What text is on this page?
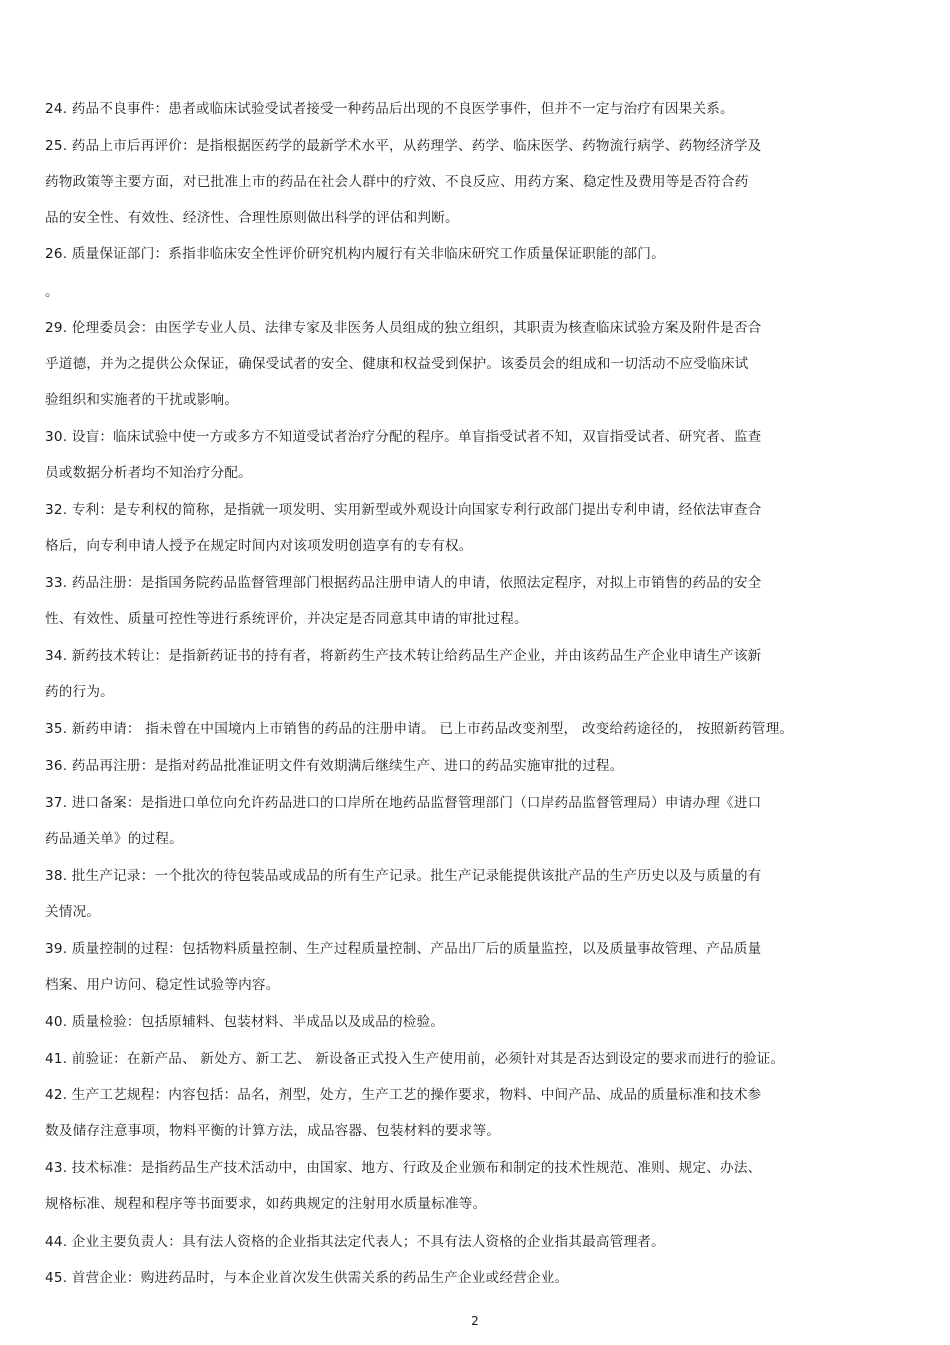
24. 药品不良事件：患者或临床试验受试者接受一种药品后出现的不良医学事件，但并不一定与治疗有因果关系。
25. 药品上市后再评价：是指根据医药学的最新学术水平，从药理学、药学、临床医学、药物流行病学、药物经济学及
药物政策等主要方面，对已批准上市的药品在社会人群中的疗效、不良反应、用药方案、稳定性及费用等是否符合药
品的安全性、有效性、经济性、合理性原则做出科学的评估和判断。
26. 质量保证部门：系指非临床安全性评价研究机构内履行有关非临床研究工作质量保证职能的部门。
。
29. 伦理委员会：由医学专业人员、法律专家及非医务人员组成的独立组织，其职责为核查临床试验方案及附件是否合
乎道德，并为之提供公众保证，确保受试者的安全、健康和权益受到保护。该委员会的组成和一切活动不应受临床试
验组织和实施者的干扰或影响。
30. 设盲：临床试验中使一方或多方不知道受试者治疗分配的程序。单盲指受试者不知，双盲指受试者、研究者、监查
员或数据分析者均不知治疗分配。
32. 专利：是专利权的简称，是指就一项发明、实用新型或外观设计向国家专利行政部门提出专利申请，经依法审查合
格后，向专利申请人授予在规定时间内对该项发明创造享有的专有权。
33. 药品注册：是指国务院药品监督管理部门根据药品注册申请人的申请，依照法定程序，对拟上市销售的药品的安全
性、有效性、质量可控性等进行系统评价，并决定是否同意其申请的审批过程。
34. 新药技术转让：是指新药证书的持有者，将新药生产技术转让给药品生产企业，并由该药品生产企业申请生产该新
药的行为。
35. 新药申请： 指未曾在中国境内上市销售的药品的注册申请。 已上市药品改变剂型， 改变给药途径的， 按照新药管理。
36. 药品再注册：是指对药品批准证明文件有效期满后继续生产、进口的药品实施审批的过程。
37. 进口备案：是指进口单位向允许药品进口的口岸所在地药品监督管理部门（口岸药品监督管理局）申请办理《进口
药品通关单》的过程。
38. 批生产记录：一个批次的待包装品或成品的所有生产记录。批生产记录能提供该批产品的生产历史以及与质量的有
关情况。
39. 质量控制的过程：包括物料质量控制、生产过程质量控制、产品出厂后的质量监控，以及质量事故管理、产品质量
档案、用户访问、稳定性试验等内容。
40. 质量检验：包括原辅料、包装材料、半成品以及成品的检验。
41. 前验证：在新产品、 新处方、新工艺、 新设备正式投入生产使用前，必须针对其是否达到设定的要求而进行的验证。
42. 生产工艺规程：内容包括：品名，剂型，处方，生产工艺的操作要求，物料、中间产品、成品的质量标准和技术参
数及储存注意事项，物料平衡的计算方法，成品容器、包装材料的要求等。
43. 技术标准：是指药品生产技术活动中，由国家、地方、行政及企业颁布和制定的技术性规范、准则、规定、办法、
规格标准、规程和程序等书面要求，如药典规定的注射用水质量标准等。
44. 企业主要负责人：具有法人资格的企业指其法定代表人；不具有法人资格的企业指其最高管理者。
45. 首营企业：购进药品时，与本企业首次发生供需关系的药品生产企业或经营企业。
2
